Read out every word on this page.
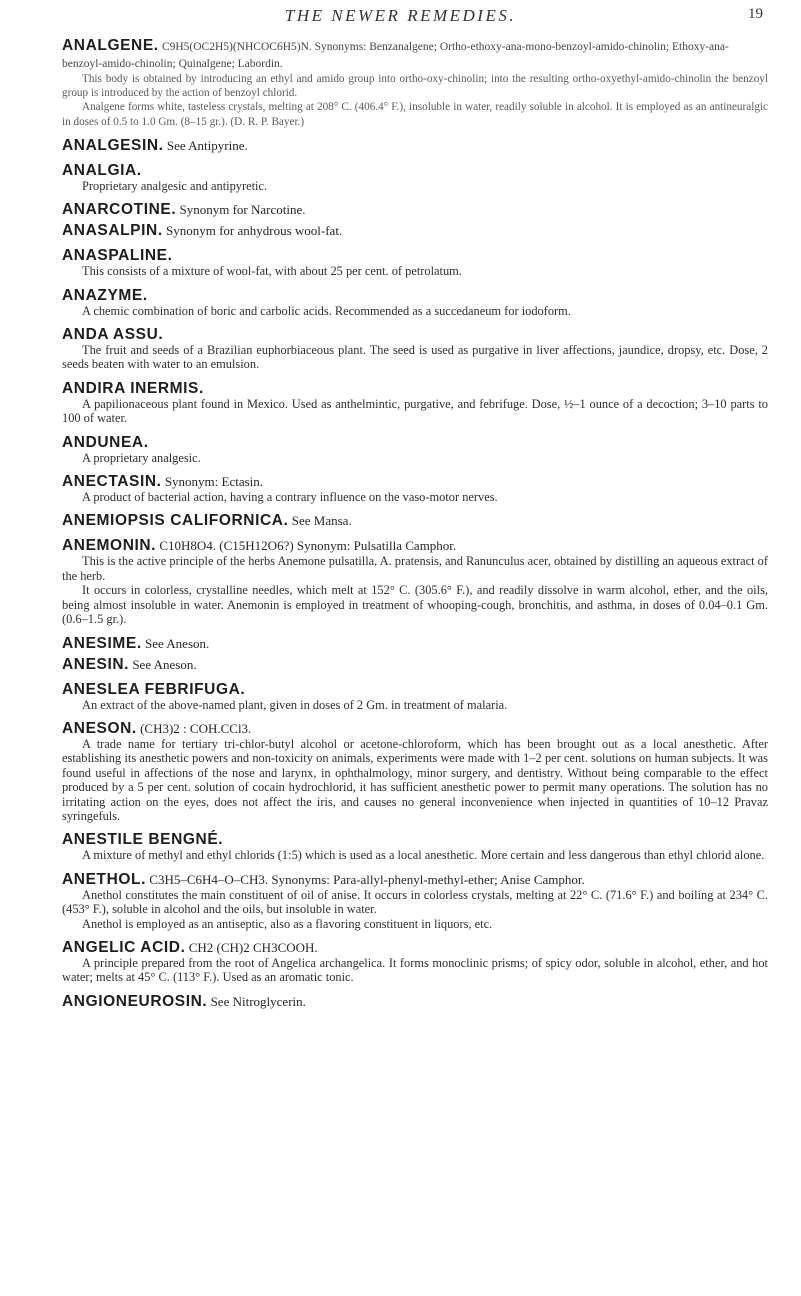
THE NEWER REMEDIES.	19
ANALGENE. C9H5(OC2H5)(NHCOC6H5)N. Synonyms: Benzanalgene; Ortho-ethoxy-ana-mono-benzoyl-amido-chinolin; Ethoxy-ana-benzoyl-amido-chinolin; Quinalgene; Labordin.

This body is obtained by introducing an ethyl and amido group into ortho-oxy-chinolin; into the resulting ortho-oxyethyl-amido-chinolin the benzoyl group is introduced by the action of benzoyl chlorid.

Analgene forms white, tasteless crystals, melting at 208° C. (406.4° F.), insoluble in water, readily soluble in alcohol. It is employed as an antineuralgic in doses of 0.5 to 1.0 Gm. (8–15 gr.). (D. R. P. Bayer.)

ANALGESIN. See Antipyrine.
ANALGIA.

Proprietary analgesic and antipyretic.

ANARCOTINE. Synonym for Narcotine.
ANASALPIN. Synonym for anhydrous wool-fat.
ANASPALINE.

This consists of a mixture of wool-fat, with about 25 per cent. of petrolatum.

ANAZYME.

A chemic combination of boric and carbolic acids. Recommended as a succedaneum for iodoform.

ANDA ASSU.

The fruit and seeds of a Brazilian euphorbiaceous plant. The seed is used as purgative in liver affections, jaundice, dropsy, etc. Dose, 2 seeds beaten with water to an emulsion.

ANDIRA INERMIS.

A papilionaceous plant found in Mexico. Used as anthelmintic, purgative, and febrifuge. Dose, ½–1 ounce of a decoction; 3–10 parts to 100 of water.

ANDUNEA.

A proprietary analgesic.

ANECTASIN. Synonym: Ectasin.

A product of bacterial action, having a contrary influence on the vaso-motor nerves.

ANEMIOPSIS CALIFORNICA. See Mansa.
ANEMONIN. C10H8O4. (C15H12O6?) Synonym: Pulsatilla Camphor.

This is the active principle of the herbs Anemone pulsatilla, A. pratensis, and Ranunculus acer, obtained by distilling an aqueous extract of the herb.

It occurs in colorless, crystalline needles, which melt at 152° C. (305.6° F.), and readily dissolve in warm alcohol, ether, and the oils, being almost insoluble in water. Anemonin is employed in treatment of whooping-cough, bronchitis, and asthma, in doses of 0.04–0.1 Gm. (0.6–1.5 gr.).

ANESIME. See Aneson.
ANESIN. See Aneson.
ANESLEA FEBRIFUGA.

An extract of the above-named plant, given in doses of 2 Gm. in treatment of malaria.

ANESON. (CH3)2 : COH.CCl3.

A trade name for tertiary tri-chlor-butyl alcohol or acetone-chloroform, which has been brought out as a local anesthetic. After establishing its anesthetic powers and non-toxicity on animals, experiments were made with 1–2 per cent. solutions on human subjects. It was found useful in affections of the nose and larynx, in ophthalmology, minor surgery, and dentistry. Without being comparable to the effect produced by a 5 per cent. solution of cocain hydrochlorid, it has sufficient anesthetic power to permit many operations. The solution has no irritating action on the eyes, does not affect the iris, and causes no general inconvenience when injected in quantities of 10–12 Pravaz syringefuls.

ANESTILE BENGNÉ.

A mixture of methyl and ethyl chlorids (1:5) which is used as a local anesthetic. More certain and less dangerous than ethyl chlorid alone.

ANETHOL. C3H5–C6H4–O–CH3. Synonyms: Para-allyl-phenyl-methyl-ether; Anise Camphor.

Anethol constitutes the main constituent of oil of anise. It occurs in colorless crystals, melting at 22° C. (71.6° F.) and boiling at 234° C. (453° F.), soluble in alcohol and the oils, but insoluble in water.

Anethol is employed as an antiseptic, also as a flavoring constituent in liquors, etc.

ANGELIC ACID. CH2 (CH)2 CH3COOH.

A principle prepared from the root of Angelica archangelica. It forms monoclinic prisms; of spicy odor, soluble in alcohol, ether, and hot water; melts at 45° C. (113° F.). Used as an aromatic tonic.

ANGIONEUROSIN. See Nitroglycerin.
